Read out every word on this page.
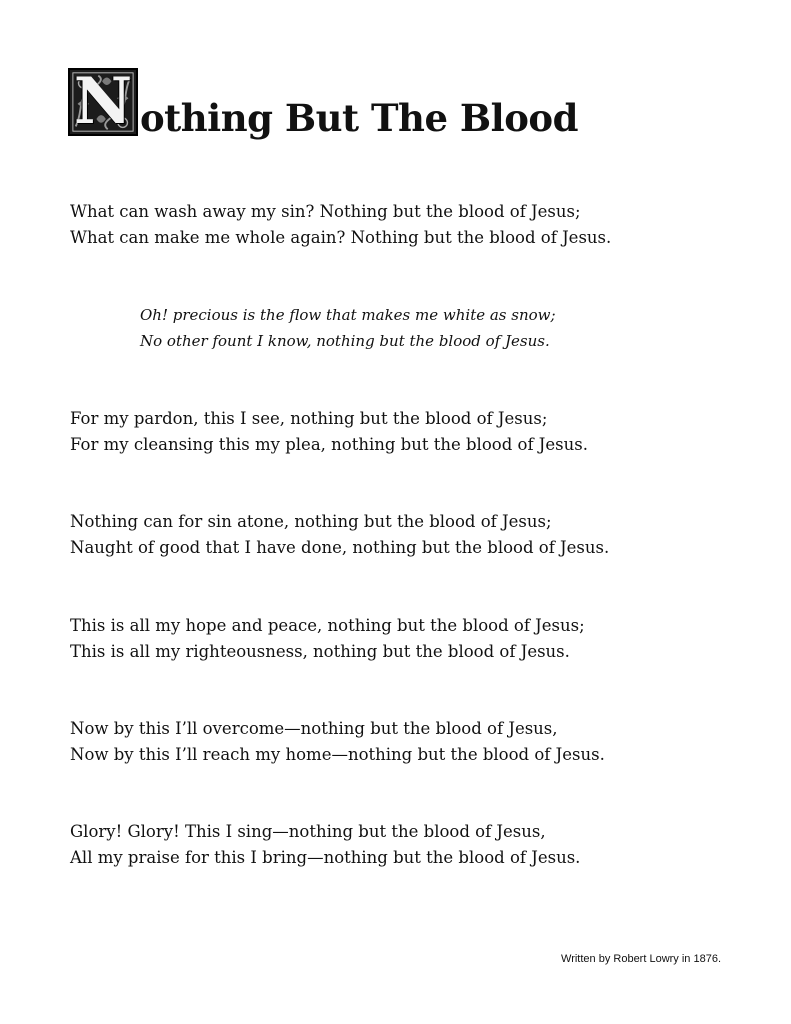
N othing But The Blood

What can wash away my sin? Nothing but the blood of Jesus;
What can make me whole again? Nothing but the blood of Jesus.

Oh! precious is the flow that makes me white as snow;
No other fount I know, nothing but the blood of Jesus.

For my pardon, this I see, nothing but the blood of Jesus;
For my cleansing this my plea, nothing but the blood of Jesus.

Nothing can for sin atone, nothing but the blood of Jesus;
Naught of good that I have done, nothing but the blood of Jesus.

This is all my hope and peace, nothing but the blood of Jesus;
This is all my righteousness, nothing but the blood of Jesus.

Now by this I’ll overcome—nothing but the blood of Jesus,
Now by this I’ll reach my home—nothing but the blood of Jesus.

Glory! Glory! This I sing—nothing but the blood of Jesus,
All my praise for this I bring—nothing but the blood of Jesus.

Written by Robert Lowry in 1876.
